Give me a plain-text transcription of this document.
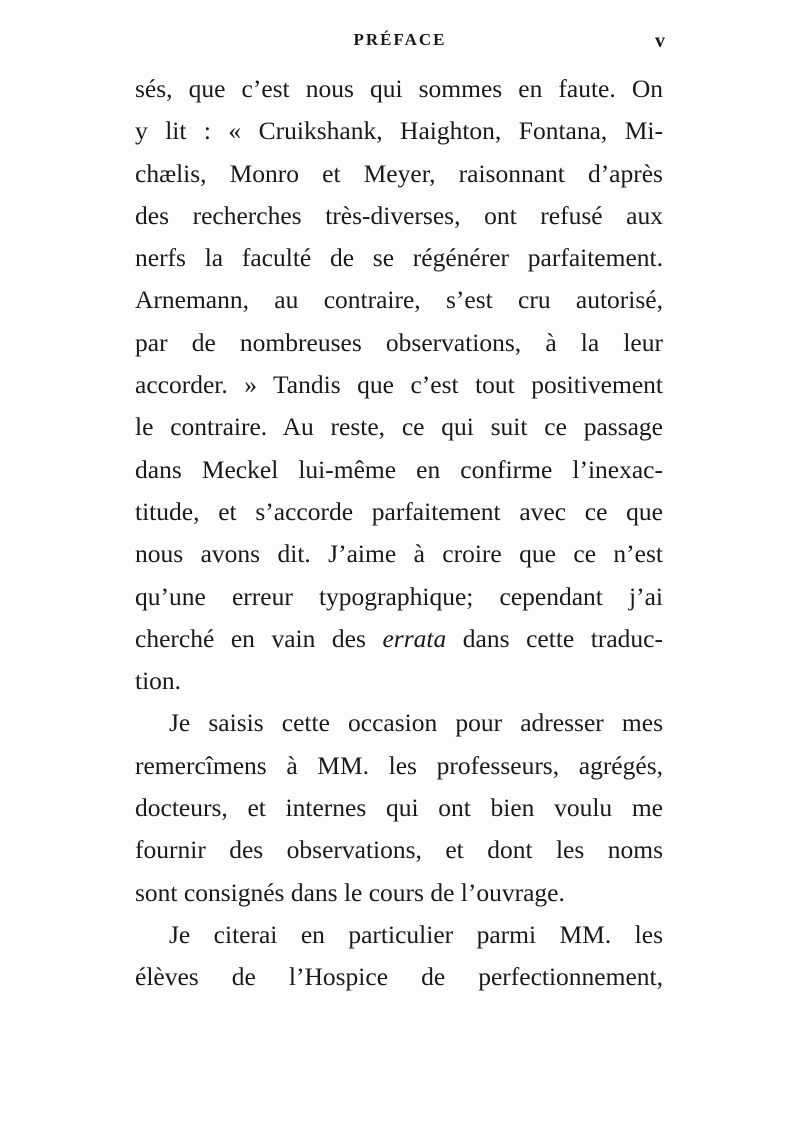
PRÉFACE	v
sés, que c’est nous qui sommes en faute. On
y lit : « Cruikshank, Haighton, Fontana, Mi-
chælis, Monro et Meyer, raisonnant d’après
des recherches très-diverses, ont refusé aux
nerfs la faculté de se régénérer parfaitement.
Arnemann, au contraire, s’est cru autorisé,
par de nombreuses observations, à la leur
accorder. » Tandis que c’est tout positivement
le contraire. Au reste, ce qui suit ce passage
dans Meckel lui-même en confirme l’inexac-
titude, et s’accorde parfaitement avec ce que
nous avons dit. J’aime à croire que ce n’est
qu’une erreur typographique; cependant j’ai
cherché en vain des errata dans cette traduc-
tion.
Je saisis cette occasion pour adresser mes
remercîmens à MM. les professeurs, agrégés,
docteurs, et internes qui ont bien voulu me
fournir des observations, et dont les noms
sont consignés dans le cours de l’ouvrage.
Je citerai en particulier parmi MM. les
élèves de l’Hospice de perfectionnement,
